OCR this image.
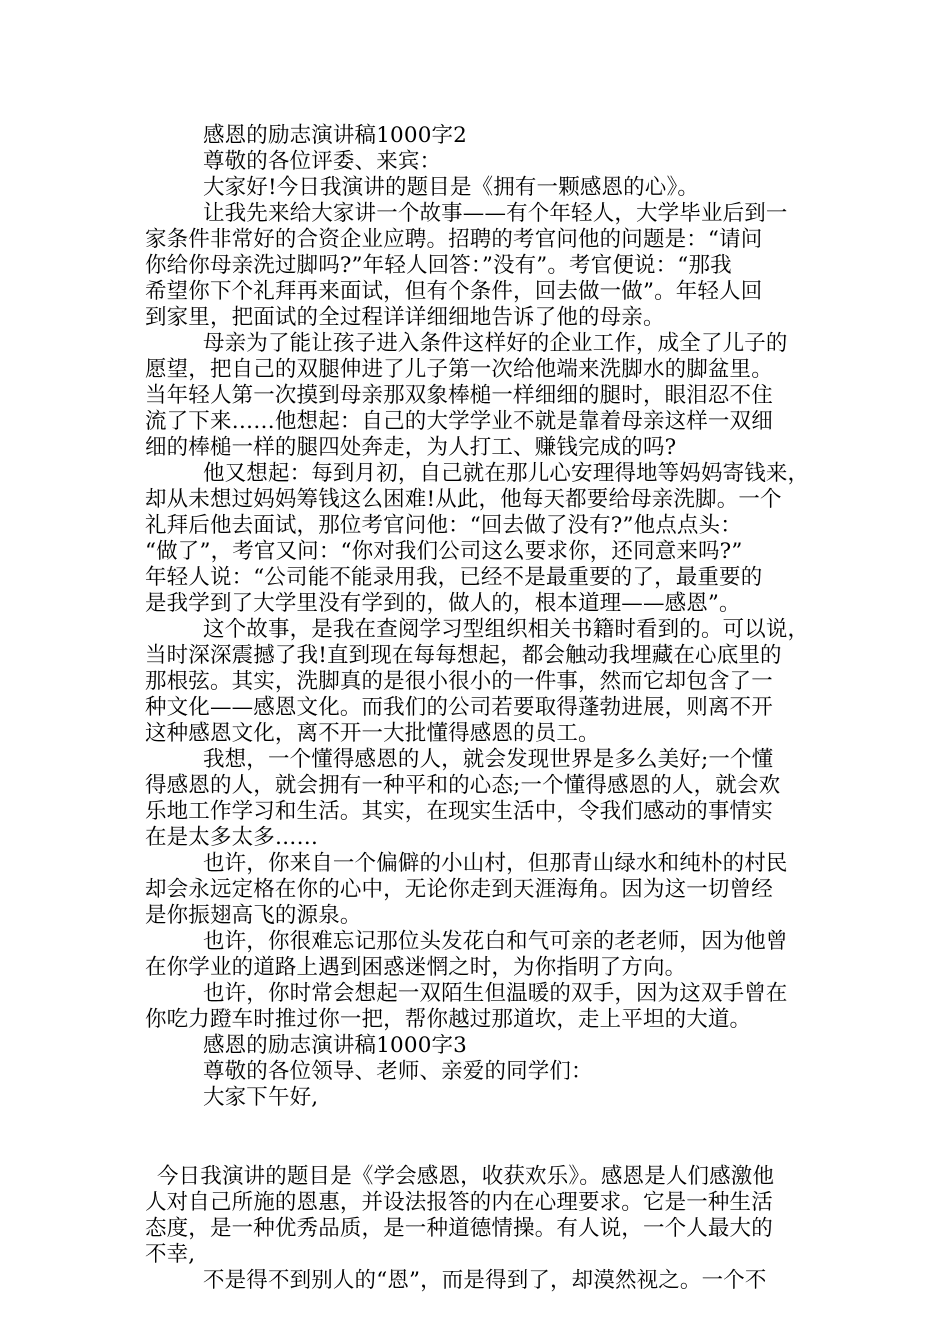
感恩的励志演讲稿1000字2
尊敬的各位评委、来宾：
大家好!今日我演讲的题目是《拥有一颗感恩的心》。
让我先来给大家讲一个故事——有个年轻人，大学毕业后到一
家条件非常好的合资企业应聘。招聘的考官问他的问题是：“请问
你给你母亲洗过脚吗?”年轻人回答：”没有”。考官便说：“那我
希望你下个礼拜再来面试，但有个条件，回去做一做”。年轻人回
到家里，把面试的全过程详详细细地告诉了他的母亲。
母亲为了能让孩子进入条件这样好的企业工作，成全了儿子的
愿望，把自己的双腿伸进了儿子第一次给他端来洗脚水的脚盆里。
当年轻人第一次摸到母亲那双象棒槌一样细细的腿时，眼泪忍不住
流了下来……他想起：自己的大学学业不就是靠着母亲这样一双细
细的棒槌一样的腿四处奔走，为人打工、赚钱完成的吗?
他又想起：每到月初，自己就在那儿心安理得地等妈妈寄钱来，
却从未想过妈妈筹钱这么困难!从此，他每天都要给母亲洗脚。一个
礼拜后他去面试，那位考官问他：“回去做了没有?”他点点头：
“做了”，考官又问：“你对我们公司这么要求你，还同意来吗?”
年轻人说：“公司能不能录用我，已经不是最重要的了，最重要的
是我学到了大学里没有学到的，做人的，根本道理——感恩”。
这个故事，是我在查阅学习型组织相关书籍时看到的。可以说，
当时深深震撼了我!直到现在每每想起，都会触动我埋藏在心底里的
那根弦。其实，洗脚真的是很小很小的一件事，然而它却包含了一
种文化——感恩文化。而我们的公司若要取得蓬勃进展，则离不开
这种感恩文化，离不开一大批懂得感恩的员工。
我想，一个懂得感恩的人，就会发现世界是多么美好;一个懂
得感恩的人，就会拥有一种平和的心态;一个懂得感恩的人，就会欢
乐地工作学习和生活。其实，在现实生活中，令我们感动的事情实
在是太多太多……
也许，你来自一个偏僻的小山村，但那青山绿水和纯朴的村民
却会永远定格在你的心中，无论你走到天涯海角。因为这一切曾经
是你振翅高飞的源泉。
也许，你很难忘记那位头发花白和气可亲的老老师，因为他曾
在你学业的道路上遇到困惑迷惘之时，为你指明了方向。
也许，你时常会想起一双陌生但温暖的双手，因为这双手曾在
你吃力蹬车时推过你一把，帮你越过那道坎，走上平坦的大道。
感恩的励志演讲稿1000字3
尊敬的各位领导、老师、亲爱的同学们：
大家下午好,
今日我演讲的题目是《学会感恩，收获欢乐》。感恩是人们感激他
人对自己所施的恩惠，并设法报答的内在心理要求。它是一种生活
态度，是一种优秀品质，是一种道德情操。有人说，一个人最大的
不幸,
不是得不到别人的“恩”，而是得到了，却漠然视之。一个不
